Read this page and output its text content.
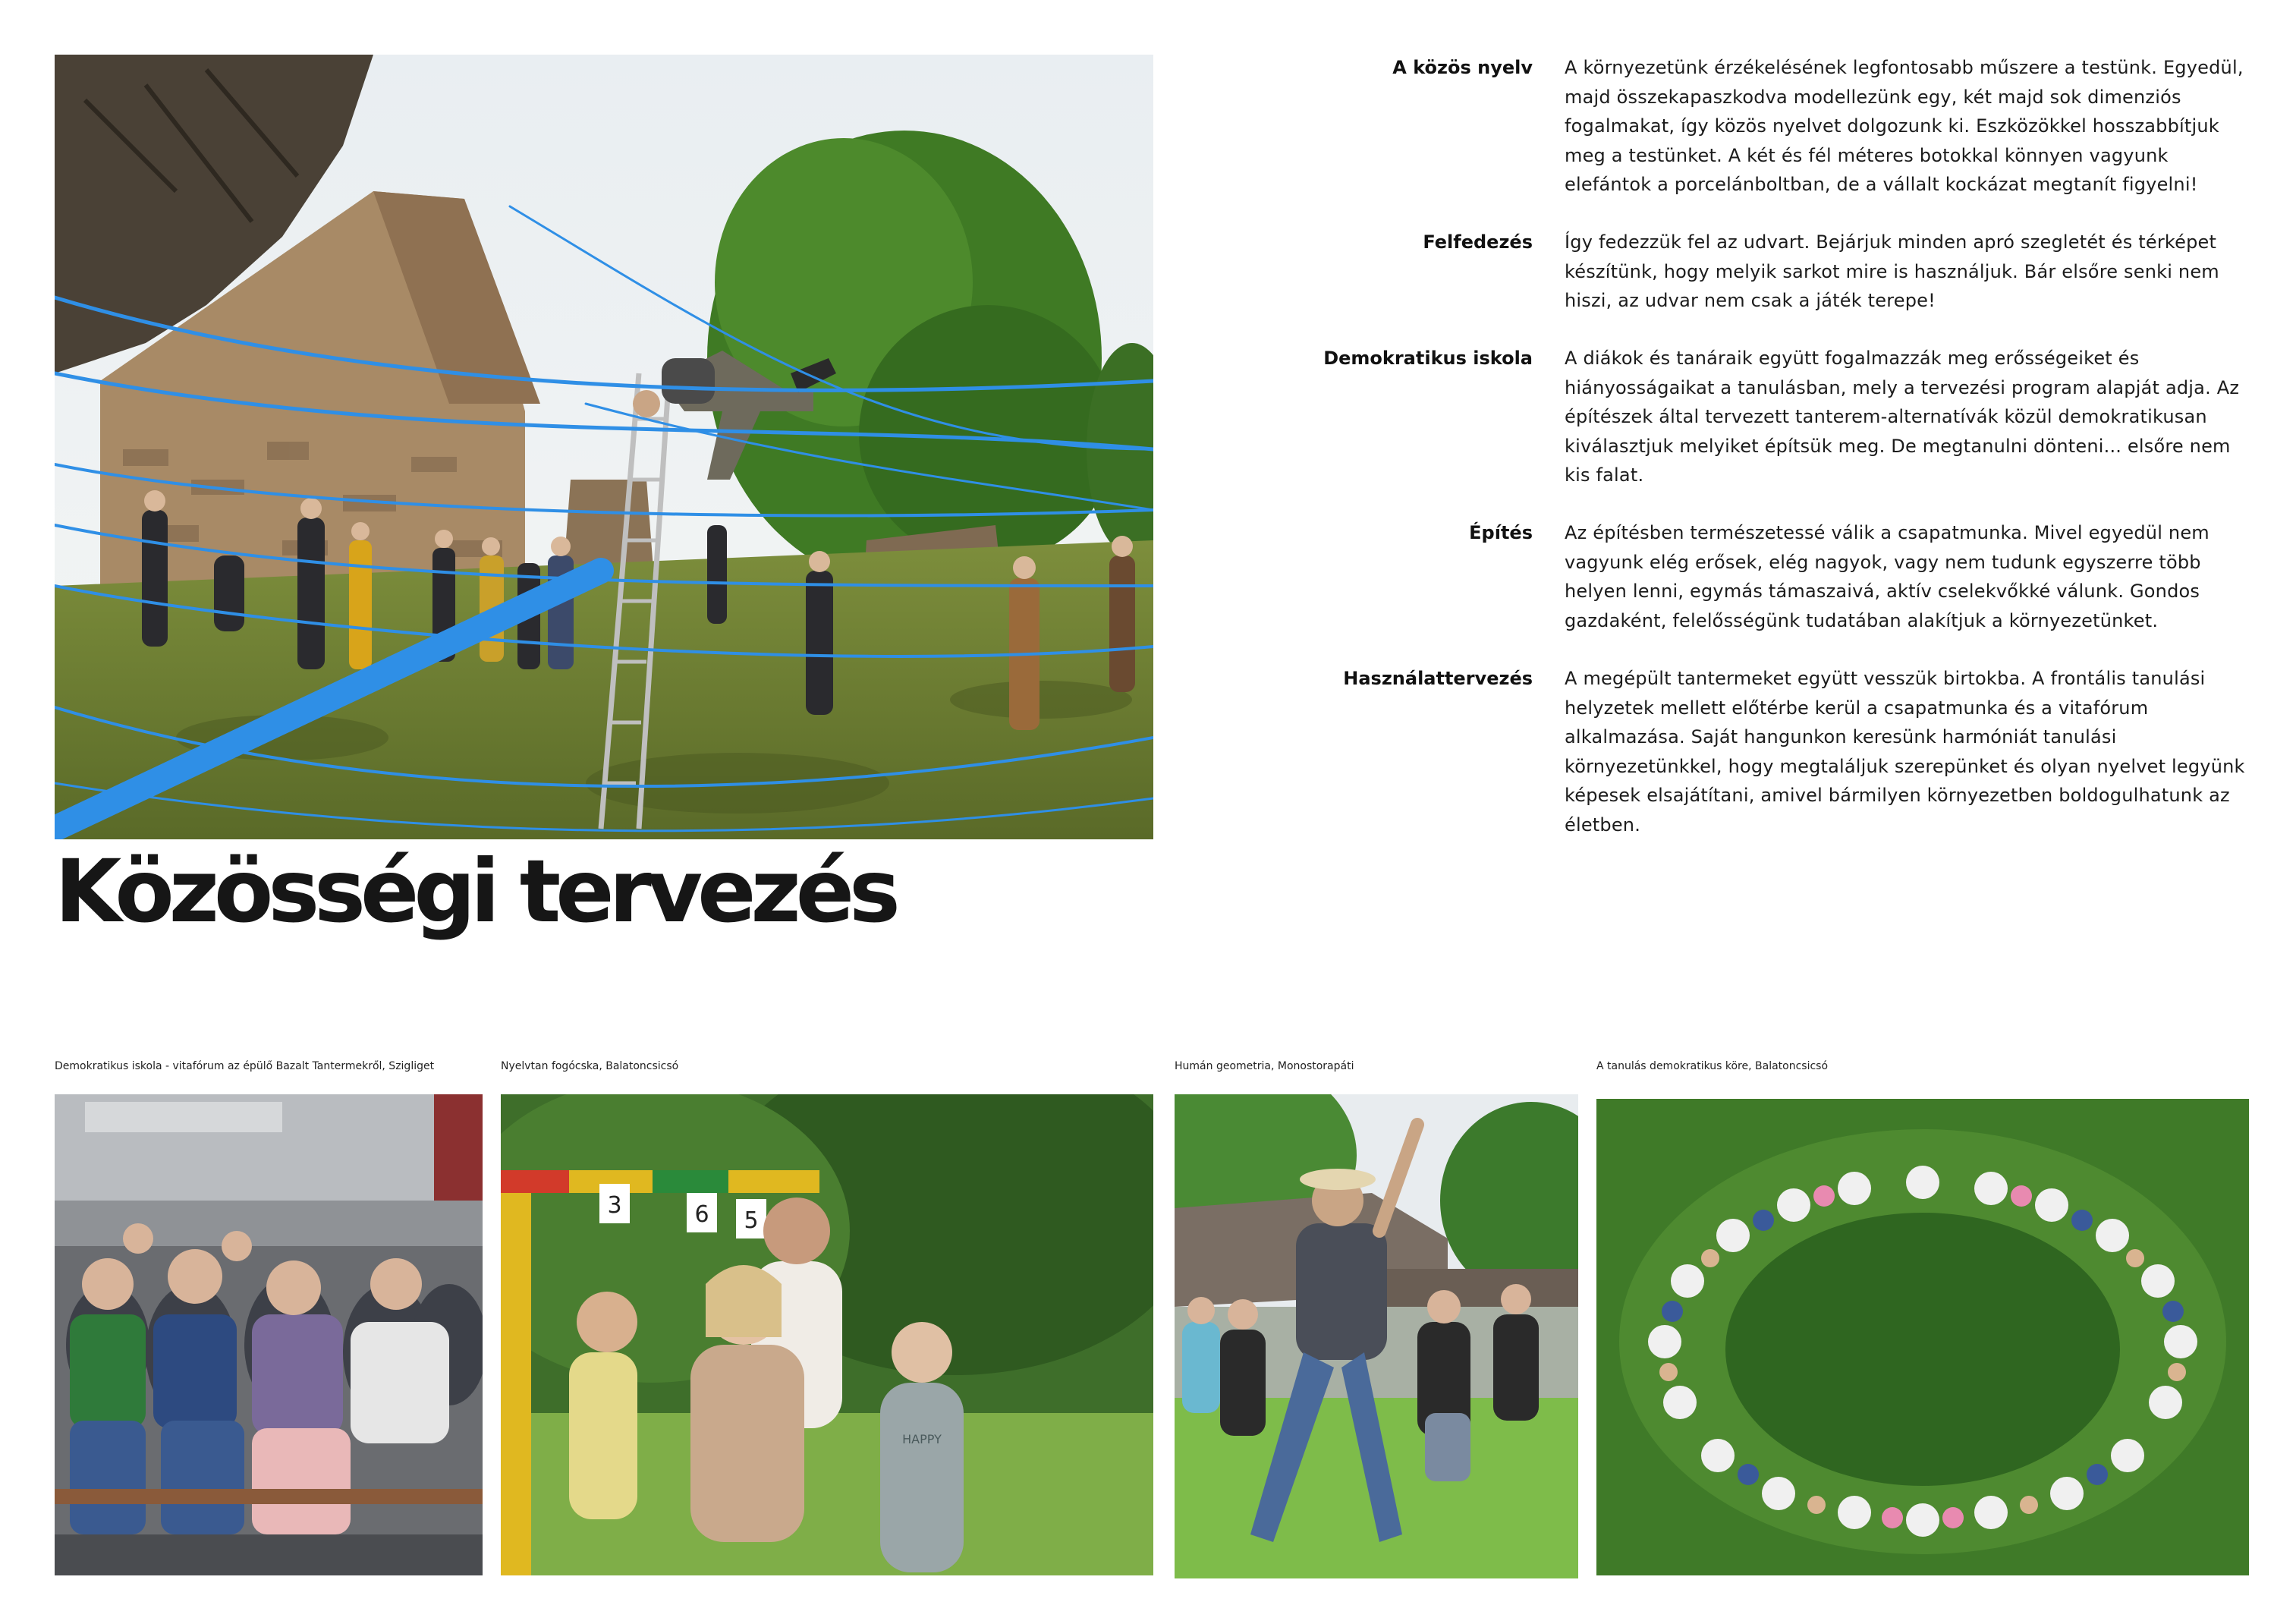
Közösségi tervezés
A közös nyelv A környezetünk érzékelésének legfontosabb műszere a testünk. Egyedül, majd összekapaszkodva modellezünk egy, két majd sok dimenziós fogalmakat, így közös nyelvet dolgozunk ki. Eszközökkel hosszabbítjuk meg a testünket. A két és fél méteres botokkal könnyen vagyunk elefántok a porcelánboltban, de a vállalt kockázat megtanít figyelni!
Felfedezés Így fedezzük fel az udvart. Bejárjuk minden apró szegletét és térképet készítünk, hogy melyik sarkot mire is használjuk. Bár elsőre senki nem hiszi, az udvar nem csak a játék terepe!
Demokratikus iskola A diákok és tanáraik együtt fogalmazzák meg erősségeiket és hiányosságaikat a tanulásban, mely a tervezési program alapját adja. Az építészek által tervezett tanterem-alternatívák közül demokratikusan kiválasztjuk melyiket építsük meg. De megtanulni dönteni... elsőre nem kis falat.
Építés Az építésben természetessé válik a csapatmunka. Mivel egyedül nem vagyunk elég erősek, elég nagyok, vagy nem tudunk egyszerre több helyen lenni, egymás támaszaivá, aktív cselekvőkké válunk. Gondos gazdaként, felelősségünk tudatában alakítjuk a környezetünket.
Használattervezés A megépült tantermeket együtt vesszük birtokba. A frontális tanulási helyzetek mellett előtérbe kerül a csapatmunka és a vitafórum alkalmazása. Saját hangunkon keresünk harmóniát tanulási környezetünkkel, hogy megtaláljuk szerepünket és olyan nyelvet legyünk képesek elsajátítani, amivel bármilyen környezetben boldogulhatunk az életben.
Demokratikus iskola - vitafórum az épülő Bazalt Tantermekről, Szigliget	Nyelvtan fogócska, Balatoncsicsó	Humán geometria, Monostorapáti	A tanulás demokratikus köre, Balatoncsicsó
3	6 5
HAPPY
